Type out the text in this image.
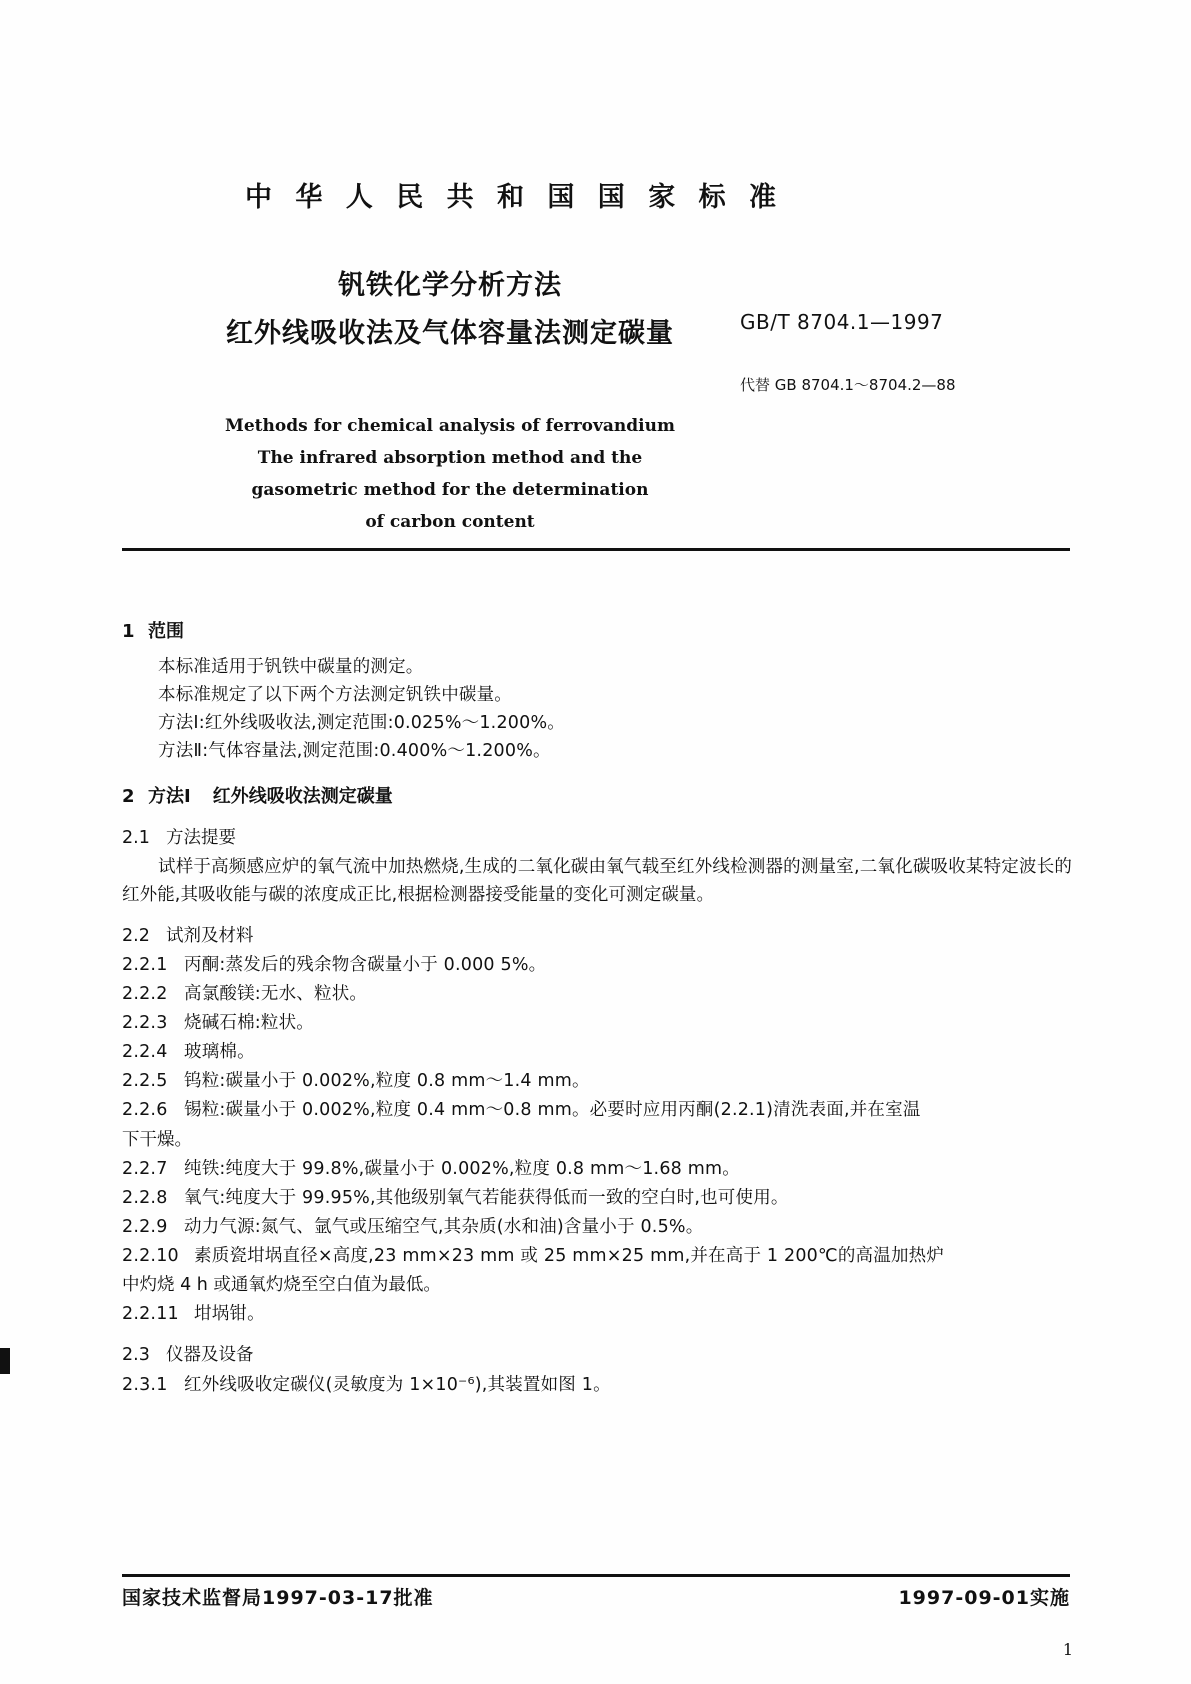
中 华 人 民 共 和 国 国 家 标 准
钒铁化学分析方法
红外线吸收法及气体容量法测定碳量	GB/T 8704.1—1997
代替 GB 8704.1～8704.2—88
Methods for chemical analysis of ferrovandium
The infrared absorption method and the
gasometric method for the determination
of carbon content
1 范围

本标准适用于钒铁中碳量的测定。

本标准规定了以下两个方法测定钒铁中碳量。

方法Ⅰ:红外线吸收法,测定范围:0.025%～1.200%。

方法Ⅱ:气体容量法,测定范围:0.400%～1.200%。

2 方法Ⅰ 红外线吸收法测定碳量
2.1 方法提要

试样于高频感应炉的氧气流中加热燃烧,生成的二氧化碳由氧气载至红外线检测器的测量室,二氧化碳吸收某特定波长的红外能,其吸收能与碳的浓度成正比,根据检测器接受能量的变化可测定碳量。

2.2 试剂及材料

2.2.1 丙酮:蒸发后的残余物含碳量小于 0.000 5%。

2.2.2 高氯酸镁:无水、粒状。

2.2.3 烧碱石棉:粒状。

2.2.4 玻璃棉。

2.2.5 钨粒:碳量小于 0.002%,粒度 0.8 mm～1.4 mm。

2.2.6 锡粒:碳量小于 0.002%,粒度 0.4 mm～0.8 mm。必要时应用丙酮(2.2.1)清洗表面,并在室温

下干燥。

2.2.7 纯铁:纯度大于 99.8%,碳量小于 0.002%,粒度 0.8 mm～1.68 mm。

2.2.8 氧气:纯度大于 99.95%,其他级别氧气若能获得低而一致的空白时,也可使用。

2.2.9 动力气源:氮气、氩气或压缩空气,其杂质(水和油)含量小于 0.5%。

2.2.10 素质瓷坩埚直径×高度,23 mm×23 mm 或 25 mm×25 mm,并在高于 1 200℃的高温加热炉

中灼烧 4 h 或通氧灼烧至空白值为最低。

2.2.11 坩埚钳。

2.3 仪器及设备

2.3.1 红外线吸收定碳仪(灵敏度为 1×10⁻⁶),其装置如图 1。

国家技术监督局1997-03-17批准	1997-09-01实施
1
